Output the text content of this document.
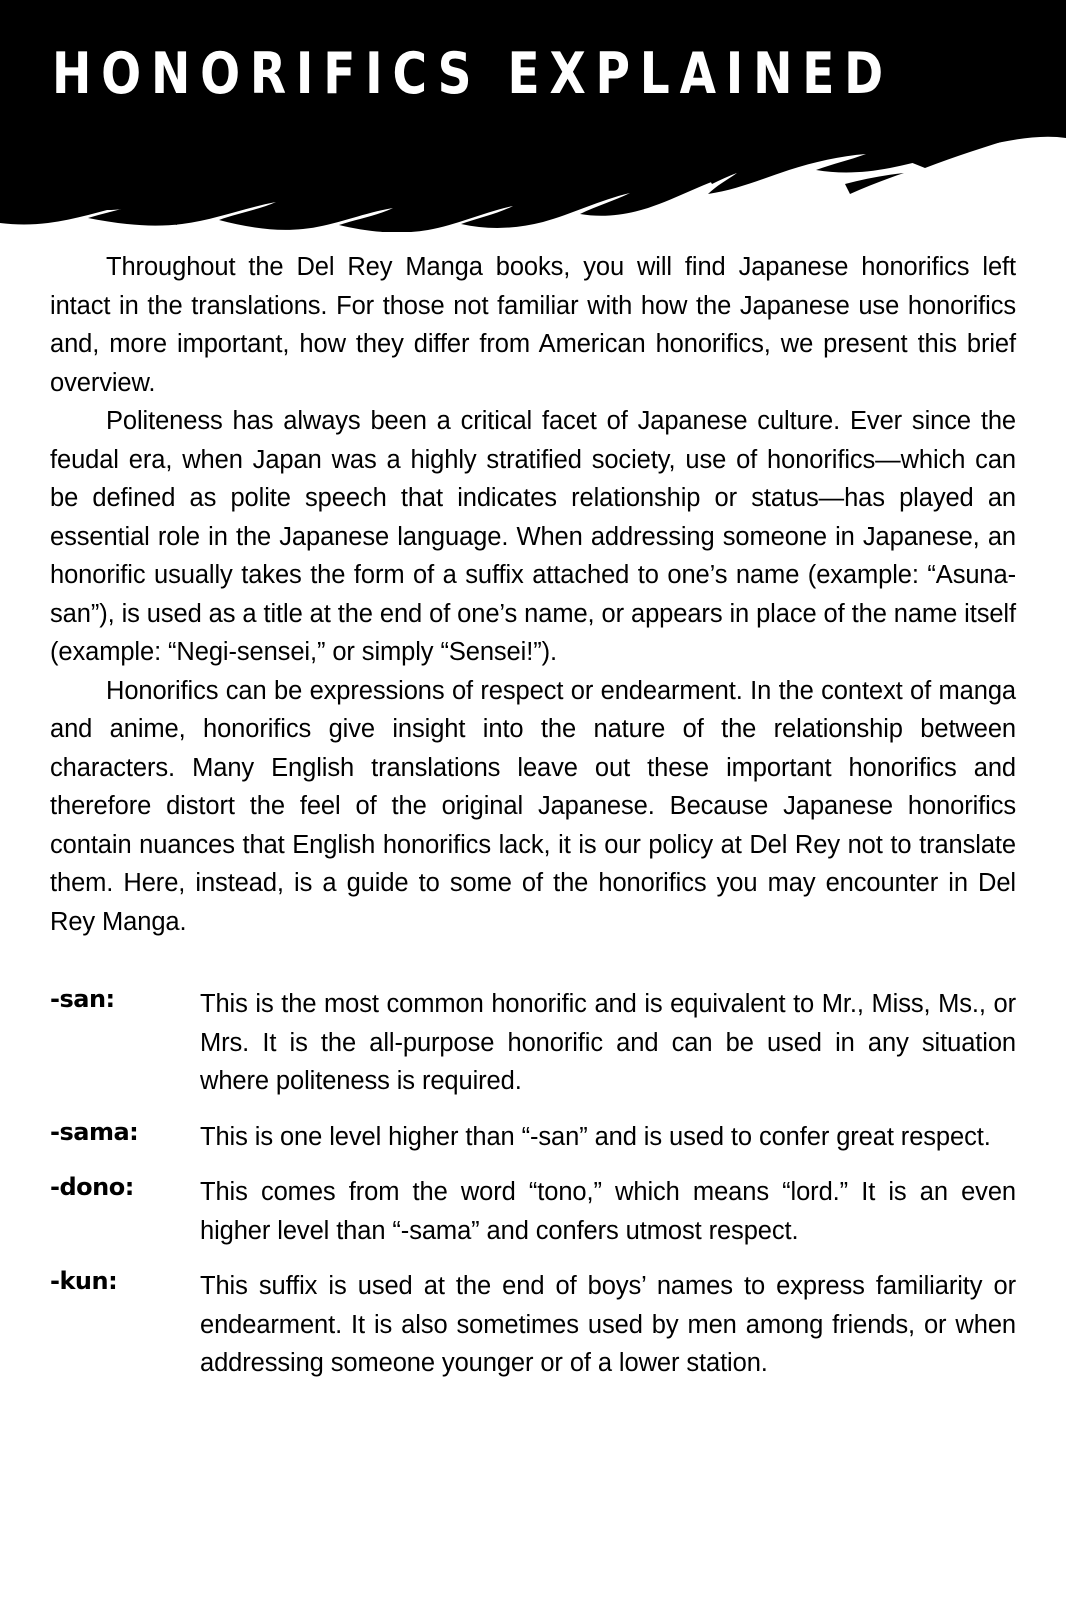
HONORIFICS EXPLAINED

Throughout the Del Rey Manga books, you will find Japanese honorifics left intact in the translations. For those not familiar with how the Japanese use honorifics and, more important, how they differ from American honorifics, we present this brief overview.

Politeness has always been a critical facet of Japanese culture. Ever since the feudal era, when Japan was a highly stratified society, use of honorifics—which can be defined as polite speech that indicates relationship or status—has played an essential role in the Japanese language. When addressing someone in Japanese, an honorific usually takes the form of a suffix attached to one’s name (example: “Asuna-san”), is used as a title at the end of one’s name, or appears in place of the name itself (example: “Negi-sensei,” or simply “Sensei!”).

Honorifics can be expressions of respect or endearment. In the context of manga and anime, honorifics give insight into the nature of the relationship between characters. Many English translations leave out these important honorifics and therefore distort the feel of the original Japanese. Because Japanese honorifics contain nuances that English honorifics lack, it is our policy at Del Rey not to translate them. Here, instead, is a guide to some of the honorifics you may encounter in Del Rey Manga.

-san:	This is the most common honorific and is equivalent to Mr., Miss, Ms., or Mrs. It is the all-purpose honorific and can be used in any situation where politeness is required.
-sama:	This is one level higher than “-san” and is used to confer great respect.
-dono:	This comes from the word “tono,” which means “lord.” It is an even higher level than “-sama” and confers utmost respect.
-kun:	This suffix is used at the end of boys’ names to express familiarity or endearment. It is also sometimes used by men among friends, or when addressing someone younger or of a lower station.
